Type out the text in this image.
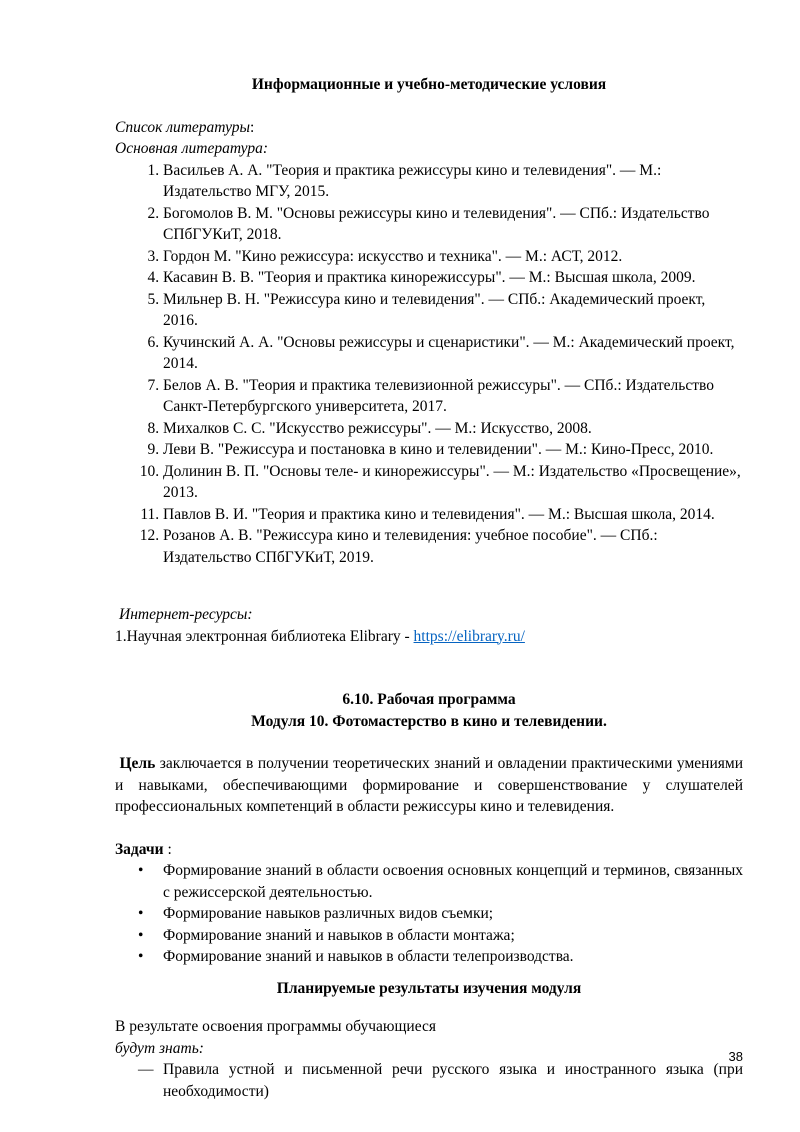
Информационные и учебно-методические условия

Список литературы:

Основная литература:

1. Васильев А. А. "Теория и практика режиссуры кино и телевидения". — М.: Издательство МГУ, 2015.
2. Богомолов В. М. "Основы режиссуры кино и телевидения". — СПб.: Издательство СПбГУКиТ, 2018.
3. Гордон М. "Кино режиссура: искусство и техника". — М.: АСТ, 2012.
4. Касавин В. В. "Теория и практика кинорежиссуры". — М.: Высшая школа, 2009.
5. Мильнер В. Н. "Режиссура кино и телевидения". — СПб.: Академический проект, 2016.
6. Кучинский А. А. "Основы режиссуры и сценаристики". — М.: Академический проект, 2014.
7. Белов А. В. "Теория и практика телевизионной режиссуры". — СПб.: Издательство Санкт-Петербургского университета, 2017.
8. Михалков С. С. "Искусство режиссуры". — М.: Искусство, 2008.
9. Леви В. "Режиссура и постановка в кино и телевидении". — М.: Кино-Пресс, 2010.
10. Долинин В. П. "Основы теле- и кинорежиссуры". — М.: Издательство «Просвещение», 2013.
11. Павлов В. И. "Теория и практика кино и телевидения". — М.: Высшая школа, 2014.
12. Розанов А. В. "Режиссура кино и телевидения: учебное пособие". — СПб.: Издательство СПбГУКиТ, 2019.

Интернет-ресурсы:

1.Научная электронная библиотека Elibrary - https://elibrary.ru/

6.10. Рабочая программа
Модуля 10. Фотомастерство в кино и телевидении.

Цель заключается в получении теоретических знаний и овладении практическими умениями и навыками, обеспечивающими формирование и совершенствование у слушателей профессиональных компетенций в области режиссуры кино и телевидения.

Задачи :

• Формирование знаний в области освоения основных концепций и терминов, связанных с режиссерской деятельностью.
• Формирование навыков различных видов съемки;
• Формирование знаний и навыков в области монтажа;
• Формирование знаний и навыков в области телепроизводства.
Планируемые результаты изучения модуля

В результате освоения программы обучающиеся

будут знать:

— Правила устной и письменной речи русского языка и иностранного языка (при необходимости)
38
